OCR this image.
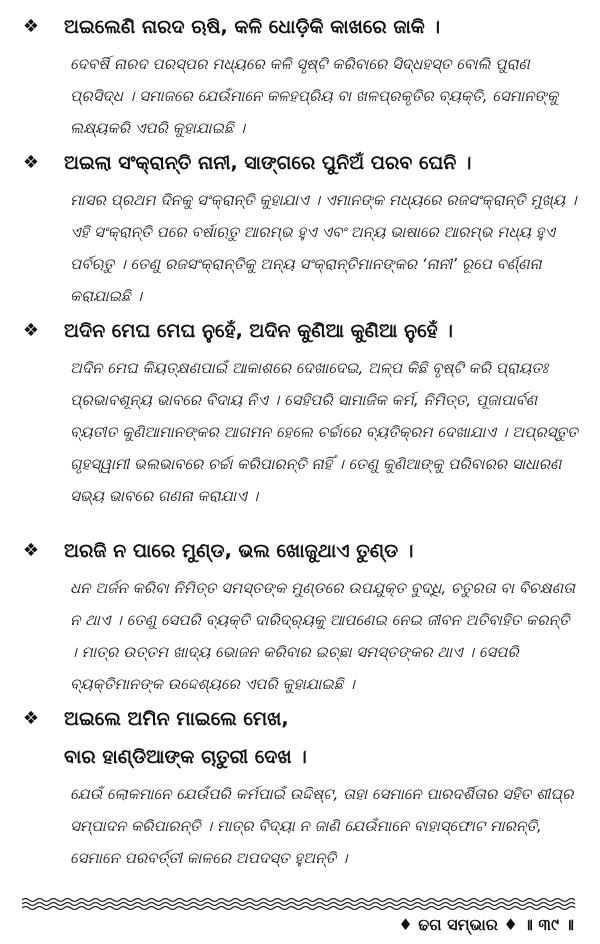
❖ ଅଇଲେଣି ନାରଦ ଋଷି, କଳି ଧୋଡ଼ିକି କାଖରେ ଜାକି ।

ଦେବର୍ଷି ନାରଦ ପରସ୍ପର ମଧ୍ୟରେ କଳି ସୃଷ୍ଟି କରିବାରେ ସିଦ୍ଧହସ୍ତ ବୋଲି ପୁରାଣ ପ୍ରସିଦ୍ଧ । ସମାଜରେ ଯେଉଁମାନେ କଳହପ୍ରିୟ ବା ଖଳପ୍ରକୃତିର ବ୍ୟକ୍ତି, ସେମାନଙ୍କୁ ଲକ୍ଷ୍ୟକରି ଏପରି କୁହାଯାଇଛି ।

❖ ଅଇଲା ସଂକ୍ରାନ୍ତି ନାନୀ, ସାଙ୍ଗରେ ପୁନିଅଁ ପରବ ଘେନି ।

ମାସର ପ୍ରଥମ ଦିନକୁ ସଂକ୍ରାନ୍ତି କୁହାଯାଏ । ଏମାନଙ୍କ ମଧ୍ୟରେ ରଜସଂକ୍ରାନ୍ତି ମୁଖ୍ୟ । ଏହି ସଂକ୍ରାନ୍ତି ପରେ ବର୍ଷାଋତୁ ଆରମ୍ଭ ହୁଏ ଏବଂ ଅନ୍ୟ ଭାଷାରେ ଆରମ୍ଭ ମଧ୍ୟ ହୁଏ ପର୍ବଋତୁ । ତେଣୁ ରଜସଂକ୍ରାନ୍ତିକୁ ଅନ୍ୟ ସଂକ୍ରାନ୍ତିମାନଙ୍କର ‘ନାନୀ’ ରୂପେ ବର୍ଣ୍ଣନା କରାଯାଇଛି ।

❖ ଅଦିନ ମେଘ ମେଘ ନୁହେଁ, ଅଦିନ କୁଣିଆ କୁଣିଆ ନୁହେଁ ।

ଅଦିନ ମେଘ କିୟତ୍‌କ୍ଷଣପାଇଁ ଆକାଶରେ ଦେଖାଦେଇ, ଅଳ୍ପ କିଛି ବୃଷ୍ଟି କରି ପ୍ରାୟତଃ ପ୍ରଭାବଶୂନ୍ୟ ଭାବରେ ବିଦାୟ ନିଏ । ସେହିପରି ସାମାଜିକ କର୍ମ, ନିମିତ୍ତ, ପୂଜାପାର୍ବଣ ବ୍ୟତୀତ କୁଣିଆମାନଙ୍କର ଆଗମନ ହେଲେ ଚର୍ଚ୍ଚାରେ ବ୍ୟତିକ୍ରମ ଦେଖାଯାଏ । ଅପ୍ରସ୍ତୁତ ଗୃହସ୍ୱାମୀ ଭଲଭାବରେ ଚର୍ଚ୍ଚା କରିପାରନ୍ତି ନାହିଁ । ତେଣୁ କୁଣିଆଙ୍କୁ ପରିବାରର ସାଧାରଣ ସଭ୍ୟ ଭାବରେ ଗଣନା କରାଯାଏ ।

❖ ଅରଜି ନ ପାରେ ମୁଣ୍ଡ, ଭଲ ଖୋଜୁଥାଏ ତୁଣ୍ଡ ।

ଧନ ଅର୍ଜନ କରିବା ନିମିତ୍ତ ସମସ୍ତଙ୍କ ମୁଣ୍ଡରେ ଉପଯୁକ୍ତ ବୁଦ୍ଧି, ଚତୁରତା ବା ବିଚକ୍ଷଣତା ନ ଥାଏ । ତେଣୁ ସେପରି ବ୍ୟକ୍ତି ଦାରିଦ୍ର୍ୟକୁ ଆପଣେଇ ନେଇ ଜୀବନ ଅତିବାହିତ କରନ୍ତି । ମାତ୍ର ଉତ୍ତମ ଖାଦ୍ୟ ଭୋଜନ କରିବାର ଇଚ୍ଛା ସମସ୍ତଙ୍କର ଥାଏ । ସେପରି ବ୍ୟକ୍ତିମାନଙ୍କ ଉଦ୍ଦେଶ୍ୟରେ ଏପରି କୁହାଯାଇଛି ।

❖ ଅଇଲେ ଅମିନ ମାଇଲେ ମେଖ,
ବାର ହାଣ୍ଡିଆଙ୍କ ଚାତୁରୀ ଦେଖ ।

ଯେଉଁ ଲୋକମାନେ ଯେଉଁପରି କର୍ମପାଇଁ ଉଦ୍ଦିଷ୍ଟ, ତାହା ସେମାନେ ପାରଦର୍ଶିତାର ସହିତ ଶୀଘ୍ର ସମ୍ପାଦନ କରିପାରନ୍ତି । ମାତ୍ର ବିଦ୍ୟା ନ ଜାଣି ଯେଉଁମାନେ ବାହାସ୍ଫୋଟ ମାରନ୍ତି, ସେମାନେ ପରବର୍ତ୍ତୀ କାଳରେ ଅପଦସ୍ତ ହୁଅନ୍ତି ।

♦ ଢଗ ସମ୍ଭାର ♦ ॥ ୩୯ ॥
